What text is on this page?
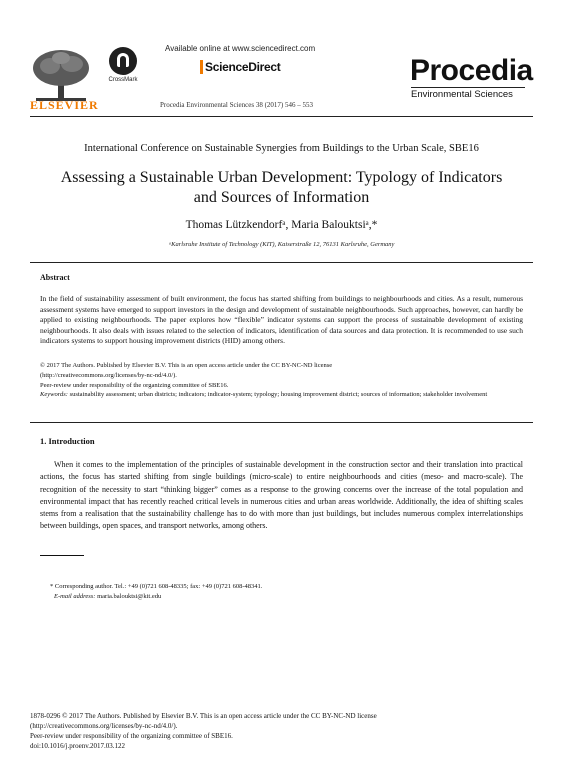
ELSEVIER
CrossMark
Available online at www.sciencedirect.com
ScienceDirect
Procedia Environmental Sciences 38 (2017) 546 – 553
Procedia
Environmental Sciences
International Conference on Sustainable Synergies from Buildings to the Urban Scale, SBE16
Assessing a Sustainable Urban Development: Typology of Indicators and Sources of Information
Thomas Lützkendorfᵃ, Maria Balouktsiᵃ,*
ᵃKarlsruhe Institute of Technology (KIT), Kaiserstraße 12, 76131 Karlsruhe, Germany
Abstract
In the field of sustainability assessment of built environment, the focus has started shifting from buildings to neighbourhoods and cities. As a result, numerous assessment systems have emerged to support investors in the design and development of sustainable neighbourhoods. Such approaches, however, can hardly be applied to existing neighbourhoods. The paper explores how “flexible” indicator systems can support the process of sustainable development of existing neighbourhoods. It also deals with issues related to the selection of indicators, identification of data sources and data protection. It is recommended to use such indicators systems to support housing improvement districts (HID) among others.
© 2017 The Authors. Published by Elsevier B.V. This is an open access article under the CC BY-NC-ND license
(http://creativecommons.org/licenses/by-nc-nd/4.0/).
Peer-review under responsibility of the organizing committee of SBE16.
Keywords: sustainability assessment; urban districts; indicators; indicator-system; typology; housing improvement district; sources of information; stakeholder involvement
1. Introduction
When it comes to the implementation of the principles of sustainable development in the construction sector and their translation into practical actions, the focus has started shifting from single buildings (micro-scale) to entire neighbourhoods and cities (meso- and macro-scale). The recognition of the necessity to start “thinking bigger” comes as a response to the growing concerns over the increase of the total population and environmental impact that has recently reached critical levels in numerous cities and urban areas worldwide. Additionally, the idea of shifting scales stems from a realisation that the sustainability challenge has to do with more than just buildings, but includes numerous complex interrelationships between buildings, open spaces, and transport networks, among others.
* Corresponding author. Tel.: +49 (0)721 608-48335; fax: +49 (0)721 608-48341.
E-mail address: maria.balouktsi@kit.edu
1878-0296 © 2017 The Authors. Published by Elsevier B.V. This is an open access article under the CC BY-NC-ND license
(http://creativecommons.org/licenses/by-nc-nd/4.0/).
Peer-review under responsibility of the organizing committee of SBE16.
doi:10.1016/j.proenv.2017.03.122
